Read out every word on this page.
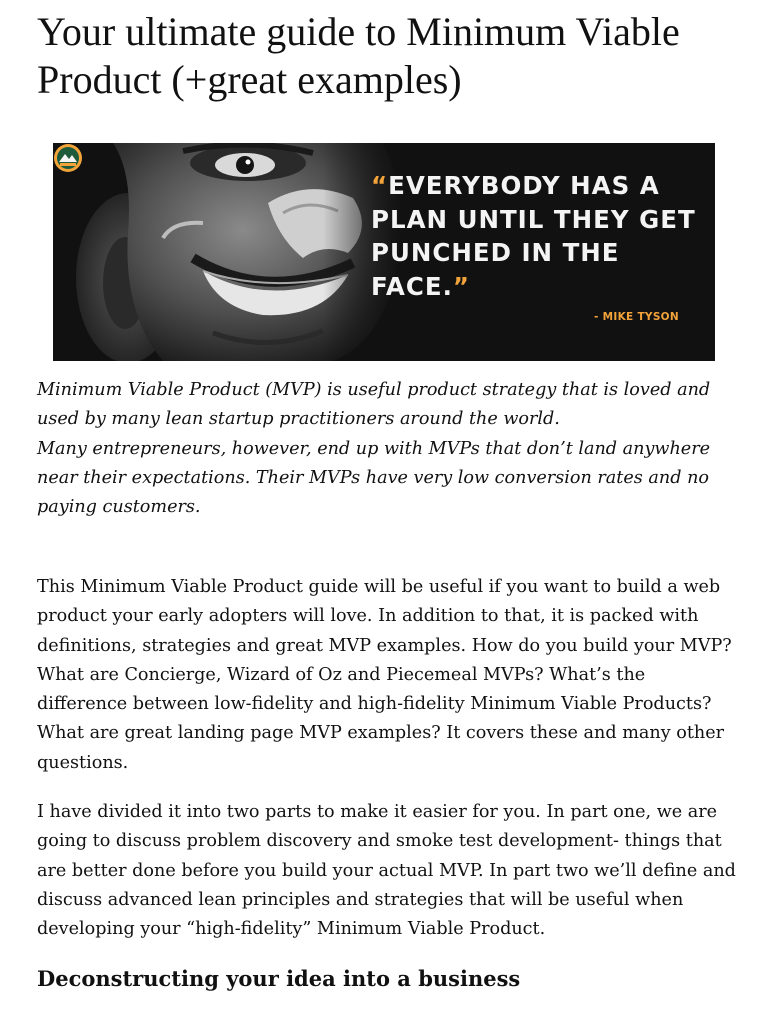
Your ultimate guide to Minimum Viable Product (+great examples)
“EVERYBODY HAS A PLAN UNTIL THEY GET PUNCHED IN THE FACE.”
- MIKE TYSON

Minimum Viable Product (MVP) is useful product strategy that is loved and used by many lean startup practitioners around the world.
Many entrepreneurs, however, end up with MVPs that don’t land anywhere near their expectations. Their MVPs have very low conversion rates and no paying customers.

This Minimum Viable Product guide will be useful if you want to build a web product your early adopters will love. In addition to that, it is packed with definitions, strategies and great MVP examples. How do you build your MVP? What are Concierge, Wizard of Oz and Piecemeal MVPs? What’s the difference between low-fidelity and high-fidelity Minimum Viable Products? What are great landing page MVP examples? It covers these and many other questions.

I have divided it into two parts to make it easier for you. In part one, we are going to discuss problem discovery and smoke test development- things that are better done before you build your actual MVP. In part two we’ll define and discuss advanced lean principles and strategies that will be useful when developing your “high-fidelity” Minimum Viable Product.

Deconstructing your idea into a business
